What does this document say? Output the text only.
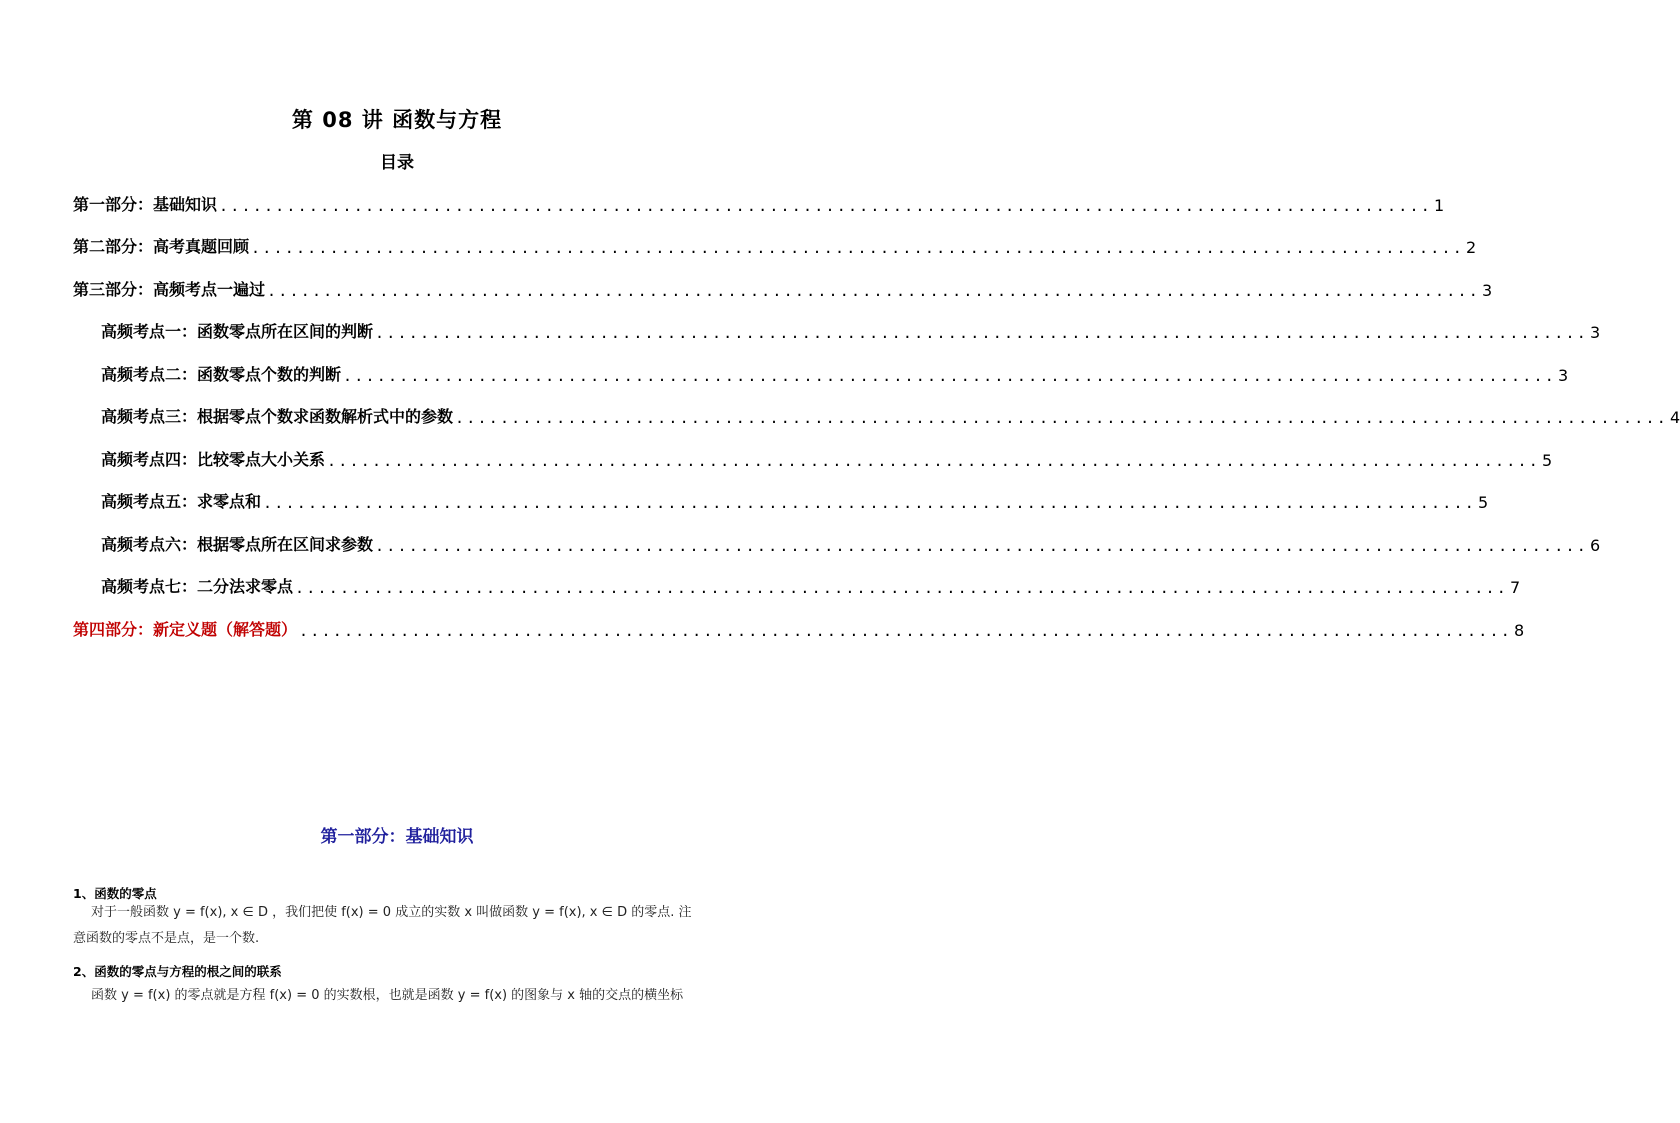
第 08 讲 函数与方程
目录
第一部分：基础知识 ............................................................................................................ 1
第二部分：高考真题回顾 ............................................................................................................ 2
第三部分：高频考点一遍过 ............................................................................................................ 3
高频考点一：函数零点所在区间的判断 ............................................................................................................ 3
高频考点二：函数零点个数的判断 ............................................................................................................ 3
高频考点三：根据零点个数求函数解析式中的参数 ............................................................................................................ 4
高频考点四：比较零点大小关系 ............................................................................................................ 5
高频考点五：求零点和 ............................................................................................................ 5
高频考点六：根据零点所在区间求参数 ............................................................................................................ 6
高频考点七：二分法求零点 ............................................................................................................ 7
第四部分：新定义题（解答题） ............................................................................................................ 8
第一部分：基础知识
1、函数的零点
对于一般函数 y = f(x), x ∈ D ，我们把使 f(x) = 0 成立的实数 x 叫做函数 y = f(x), x ∈ D 的零点. 注
意函数的零点不是点，是一个数.
2、函数的零点与方程的根之间的联系
函数 y = f(x) 的零点就是方程 f(x) = 0 的实数根，也就是函数 y = f(x) 的图象与 x 轴的交点的横坐标
